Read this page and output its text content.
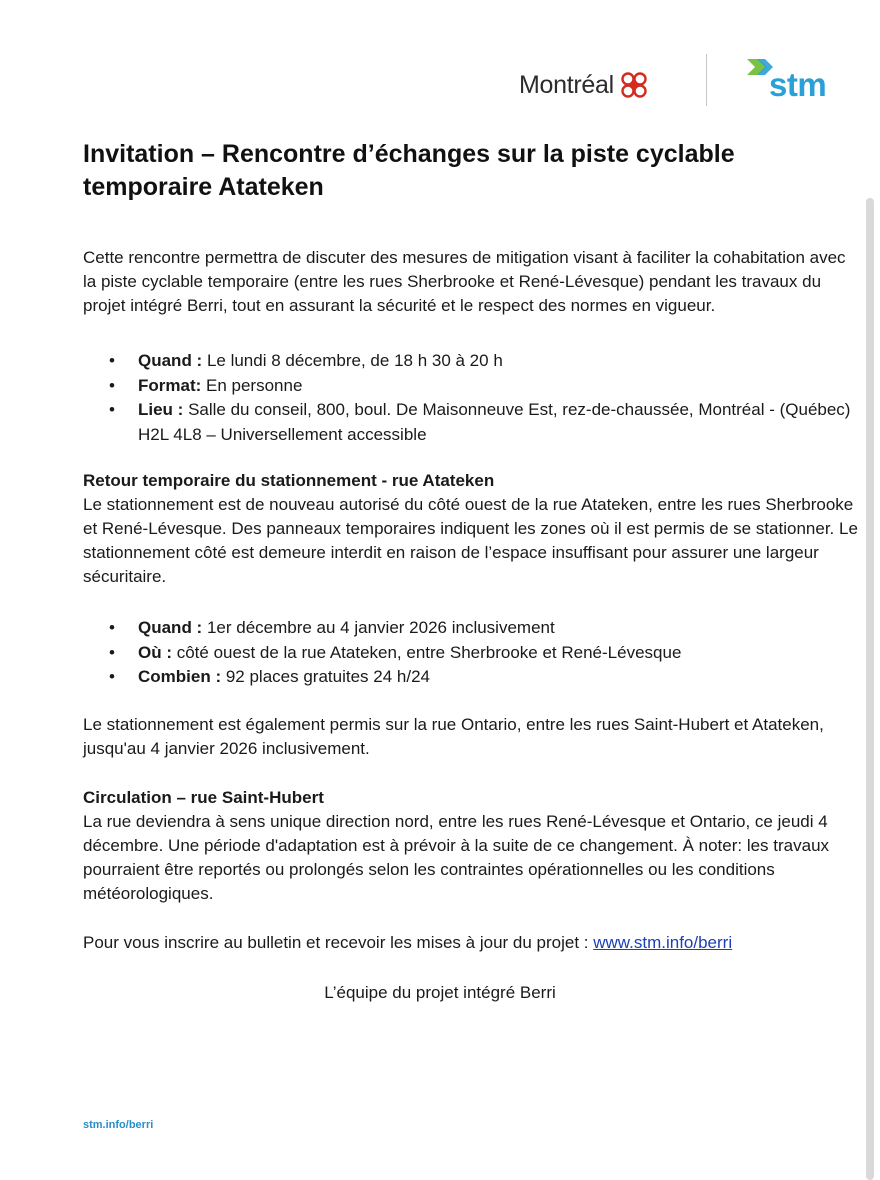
Montréal	stm
Invitation – Rencontre d’échanges sur la piste cyclable temporaire Atateken

Cette rencontre permettra de discuter des mesures de mitigation visant à faciliter la cohabitation avec la piste cyclable temporaire (entre les rues Sherbrooke et René-Lévesque) pendant les travaux du projet intégré Berri, tout en assurant la sécurité et le respect des normes en vigueur.

• Quand : Le lundi 8 décembre, de 18 h 30 à 20 h
• Format: En personne
• Lieu : Salle du conseil, 800, boul. De Maisonneuve Est, rez-de-chaussée, Montréal - (Québec) H2L 4L8 – Universellement accessible

Retour temporaire du stationnement - rue Atateken

Le stationnement est de nouveau autorisé du côté ouest de la rue Atateken, entre les rues Sherbrooke et René-Lévesque. Des panneaux temporaires indiquent les zones où il est permis de se stationner. Le stationnement côté est demeure interdit en raison de l’espace insuffisant pour assurer une largeur sécuritaire.

• Quand : 1er décembre au 4 janvier 2026 inclusivement
• Où : côté ouest de la rue Atateken, entre Sherbrooke et René-Lévesque
• Combien : 92 places gratuites 24 h/24

Le stationnement est également permis sur la rue Ontario, entre les rues Saint-Hubert et Atateken, jusqu'au 4 janvier 2026 inclusivement.

Circulation – rue Saint-Hubert

La rue deviendra à sens unique direction nord, entre les rues René-Lévesque et Ontario, ce jeudi 4 décembre. Une période d'adaptation est à prévoir à la suite de ce changement. À noter: les travaux pourraient être reportés ou prolongés selon les contraintes opérationnelles ou les conditions météorologiques.

Pour vous inscrire au bulletin et recevoir les mises à jour du projet : www.stm.info/berri

L’équipe du projet intégré Berri
stm.info/berri
